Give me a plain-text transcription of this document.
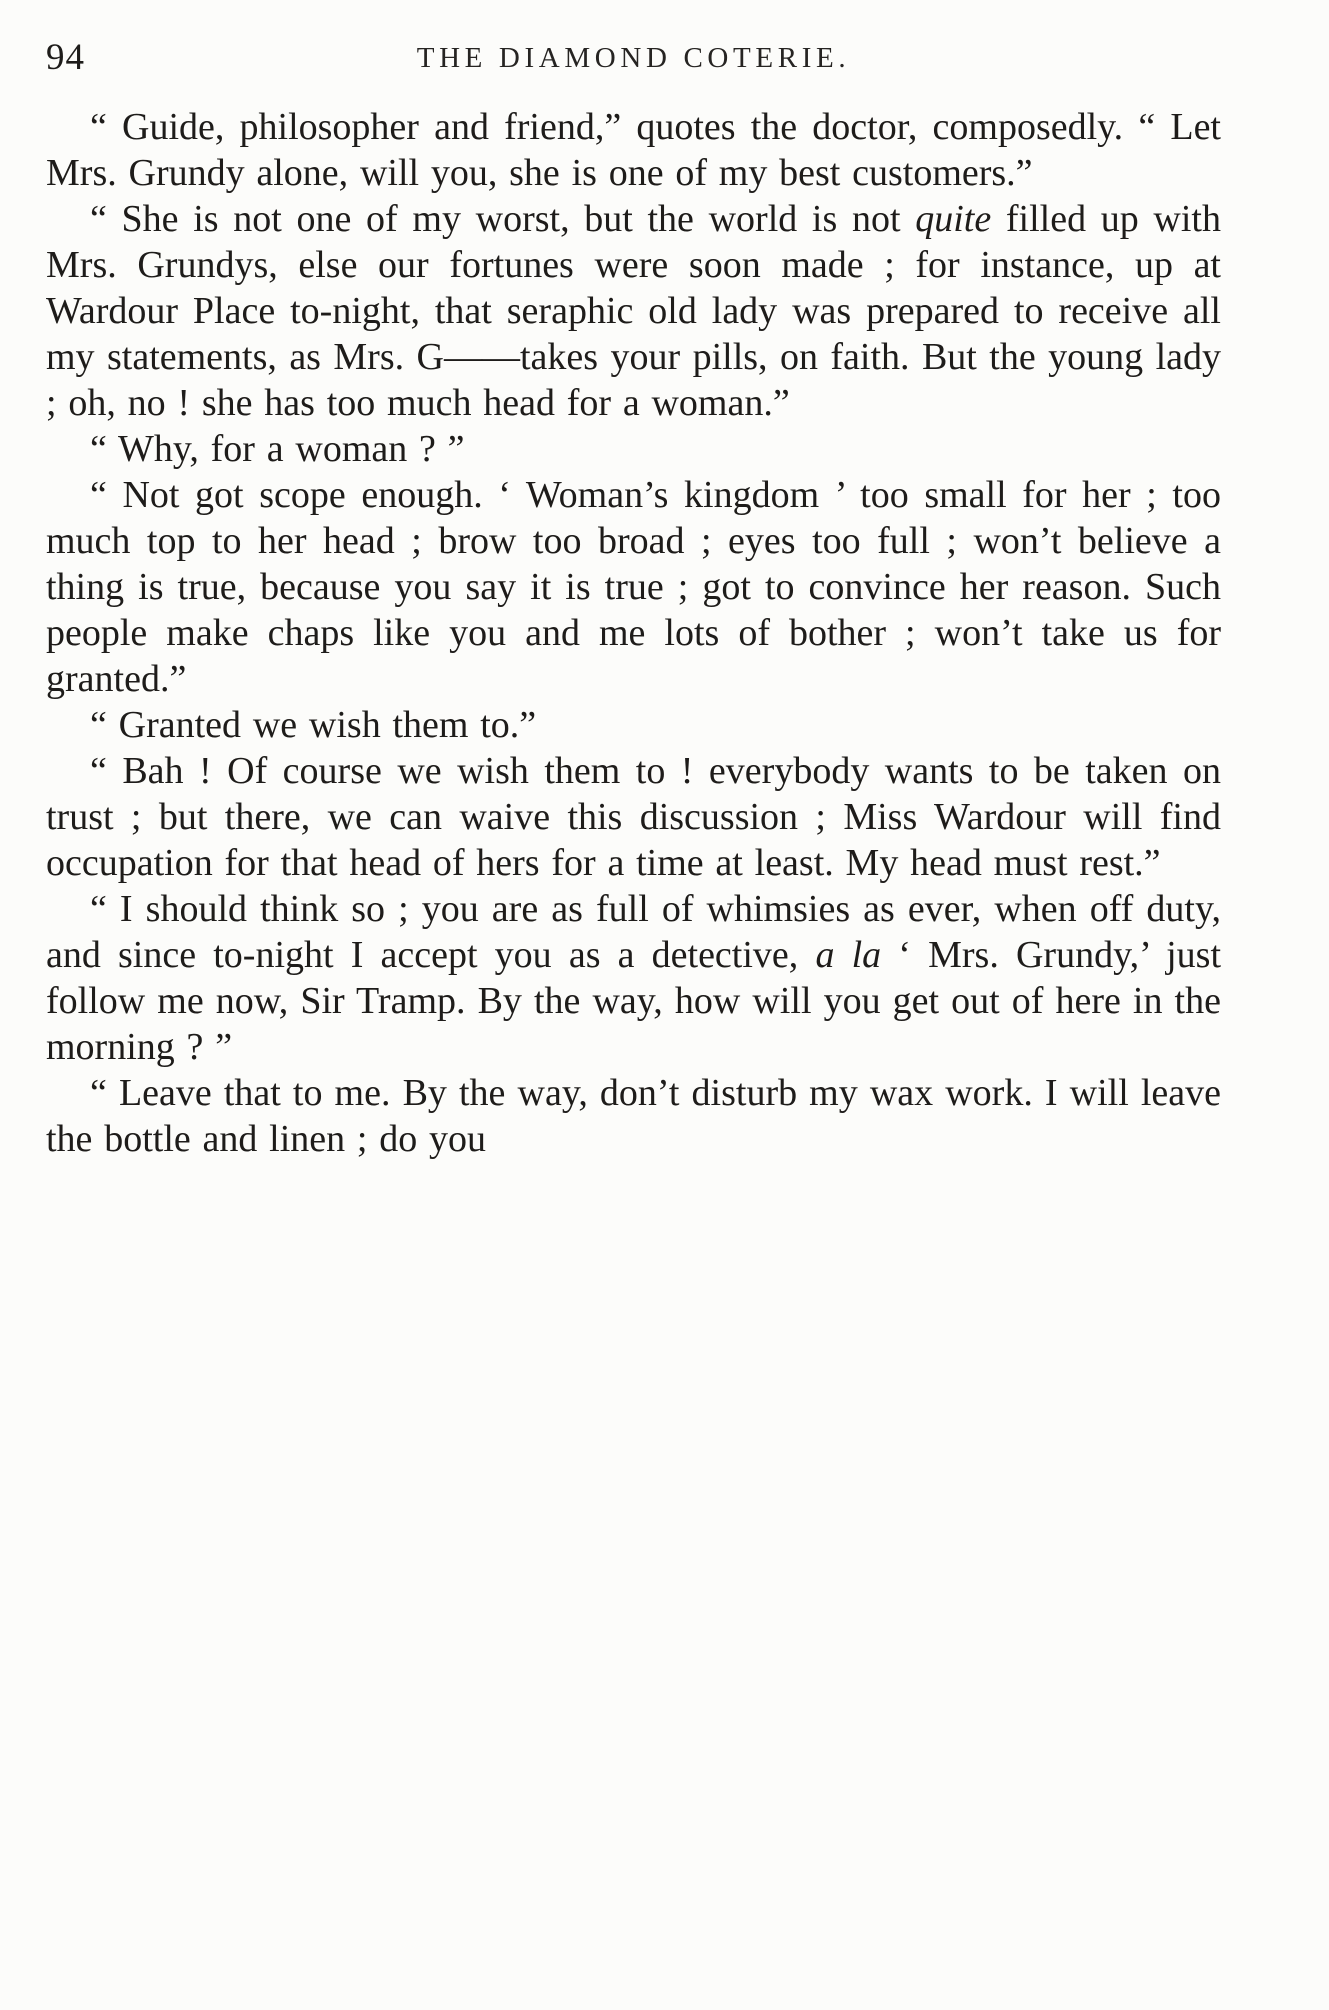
94	THE DIAMOND COTERIE.

“ Guide, philosopher and friend,” quotes the doctor, composedly. “ Let Mrs. Grundy alone, will you, she is one of my best customers.”

“ She is not one of my worst, but the world is not quite filled up with Mrs. Grundys, else our fortunes were soon made ; for instance, up at Wardour Place to-night, that seraphic old lady was prepared to receive all my statements, as Mrs. G——takes your pills, on faith. But the young lady ; oh, no ! she has too much head for a woman.”

“ Why, for a woman ? ”

“ Not got scope enough. ‘ Woman’s kingdom ’ too small for her ; too much top to her head ; brow too broad ; eyes too full ; won’t believe a thing is true, because you say it is true ; got to convince her reason. Such people make chaps like you and me lots of bother ; won’t take us for granted.”

“ Granted we wish them to.”

“ Bah ! Of course we wish them to ! everybody wants to be taken on trust ; but there, we can waive this discussion ; Miss Wardour will find occupation for that head of hers for a time at least. My head must rest.”

“ I should think so ; you are as full of whimsies as ever, when off duty, and since to-night I accept you as a detective, a la ‘ Mrs. Grundy,’ just follow me now, Sir Tramp. By the way, how will you get out of here in the morning ? ”

“ Leave that to me. By the way, don’t disturb my wax work. I will leave the bottle and linen ; do you
